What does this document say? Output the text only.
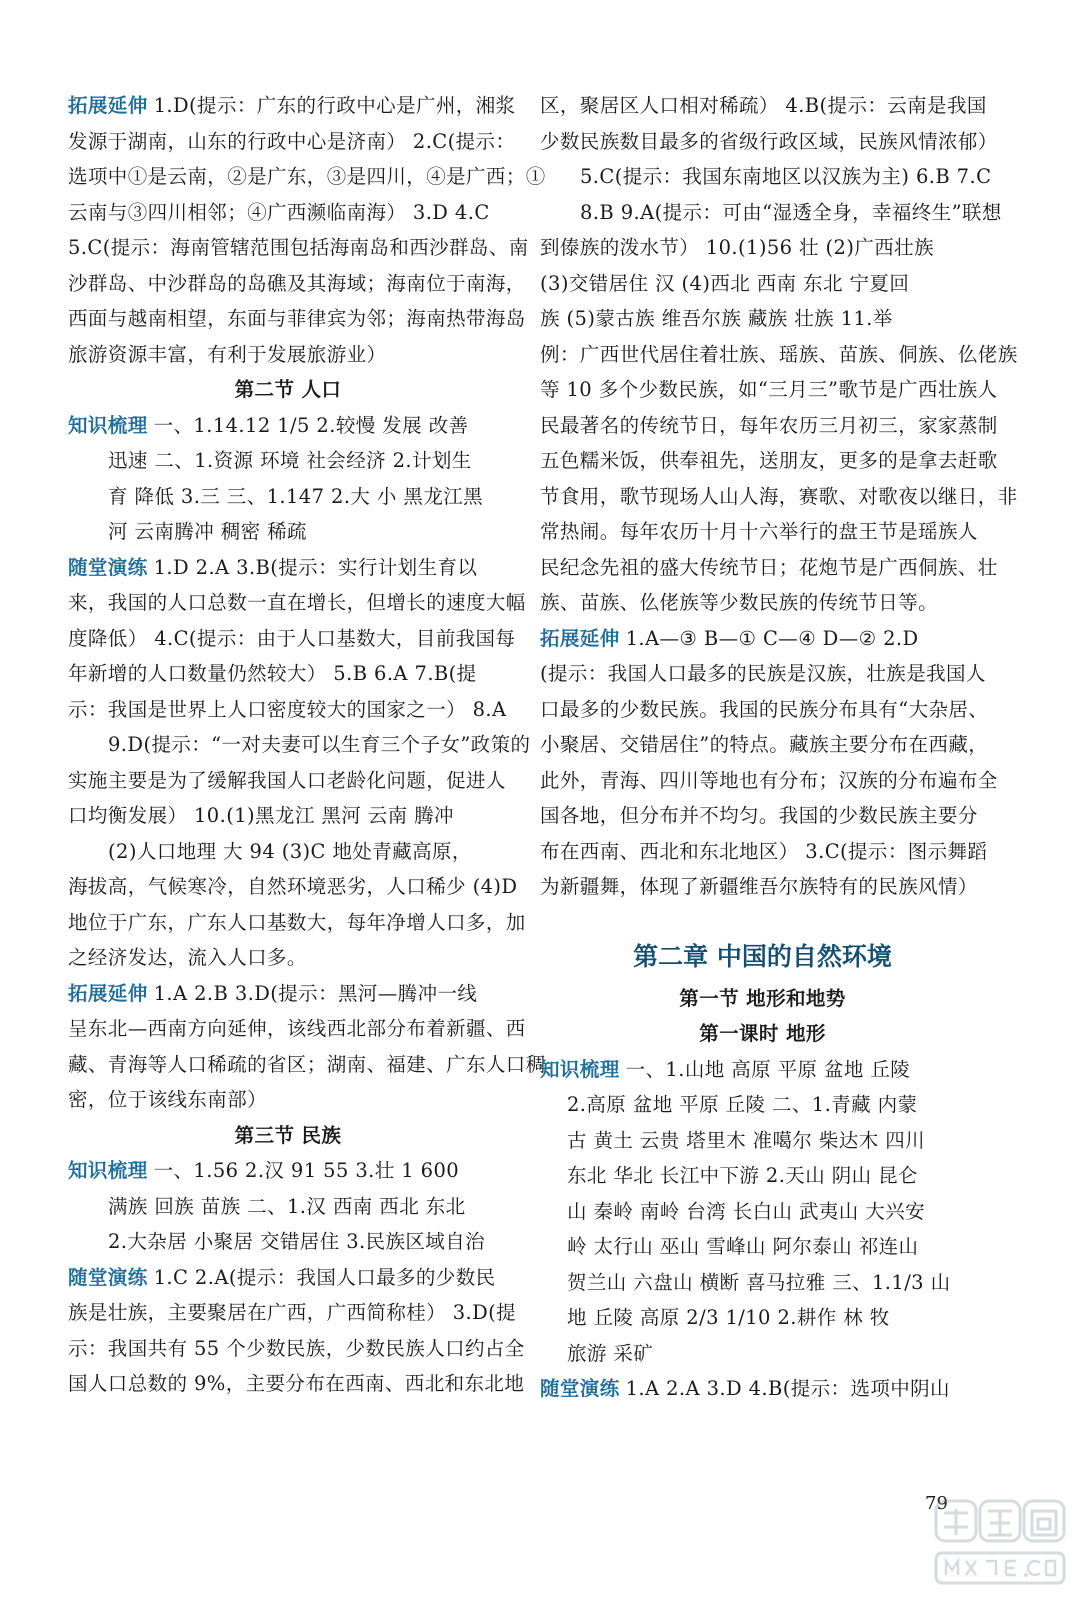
拓展延伸 1.D(提示：广东的行政中心是广州，湘浆
发源于湖南，山东的行政中心是济南） 2.C(提示：
选项中①是云南，②是广东，③是四川，④是广西；①
云南与③四川相邻；④广西濒临南海） 3.D 4.C
5.C(提示：海南管辖范围包括海南岛和西沙群岛、南
沙群岛、中沙群岛的岛礁及其海域；海南位于南海，
西面与越南相望，东面与菲律宾为邻；海南热带海岛
旅游资源丰富，有利于发展旅游业）
第二节 人口
知识梳理 一、1.14.12 1/5 2.较慢 发展 改善
迅速 二、1.资源 环境 社会经济 2.计划生
育 降低 3.三 三、1.147 2.大 小 黑龙江黑
河 云南腾冲 稠密 稀疏
随堂演练 1.D 2.A 3.B(提示：实行计划生育以
来，我国的人口总数一直在增长，但增长的速度大幅
度降低） 4.C(提示：由于人口基数大，目前我国每
年新增的人口数量仍然较大） 5.B 6.A 7.B(提
示：我国是世界上人口密度较大的国家之一） 8.A
9.D(提示：“一对夫妻可以生育三个子女”政策的
实施主要是为了缓解我国人口老龄化问题，促进人
口均衡发展） 10.(1)黑龙江 黑河 云南 腾冲
(2)人口地理 大 94 (3)C 地处青藏高原，
海拔高，气候寒冷，自然环境恶劣，人口稀少 (4)D
地位于广东，广东人口基数大，每年净增人口多，加
之经济发达，流入人口多。
拓展延伸 1.A 2.B 3.D(提示：黑河—腾冲一线
呈东北—西南方向延伸，该线西北部分布着新疆、西
藏、青海等人口稀疏的省区；湖南、福建、广东人口稠
密，位于该线东南部）
第三节 民族
知识梳理 一、1.56 2.汉 91 55 3.壮 1 600
满族 回族 苗族 二、1.汉 西南 西北 东北
2.大杂居 小聚居 交错居住 3.民族区域自治
随堂演练 1.C 2.A(提示：我国人口最多的少数民
族是壮族，主要聚居在广西，广西简称桂） 3.D(提
示：我国共有 55 个少数民族，少数民族人口约占全
国人口总数的 9%，主要分布在西南、西北和东北地
区，聚居区人口相对稀疏） 4.B(提示：云南是我国
少数民族数目最多的省级行政区域，民族风情浓郁）
5.C(提示：我国东南地区以汉族为主) 6.B 7.C
8.B 9.A(提示：可由“湿透全身，幸福终生”联想
到傣族的泼水节） 10.(1)56 壮 (2)广西壮族
(3)交错居住 汉 (4)西北 西南 东北 宁夏回
族 (5)蒙古族 维吾尔族 藏族 壮族 11.举
例：广西世代居住着壮族、瑶族、苗族、侗族、仫佬族
等 10 多个少数民族，如“三月三”歌节是广西壮族人
民最著名的传统节日，每年农历三月初三，家家蒸制
五色糯米饭，供奉祖先，送朋友，更多的是拿去赶歌
节食用，歌节现场人山人海，赛歌、对歌夜以继日，非
常热闹。每年农历十月十六举行的盘王节是瑶族人
民纪念先祖的盛大传统节日；花炮节是广西侗族、壮
族、苗族、仫佬族等少数民族的传统节日等。
拓展延伸 1.A—③ B—① C—④ D—② 2.D
(提示：我国人口最多的民族是汉族，壮族是我国人
口最多的少数民族。我国的民族分布具有“大杂居、
小聚居、交错居住”的特点。藏族主要分布在西藏，
此外，青海、四川等地也有分布；汉族的分布遍布全
国各地，但分布并不均匀。我国的少数民族主要分
布在西南、西北和东北地区） 3.C(提示：图示舞蹈
为新疆舞，体现了新疆维吾尔族特有的民族风情）
第二章 中国的自然环境
第一节 地形和地势
第一课时 地形
知识梳理 一、1.山地 高原 平原 盆地 丘陵
2.高原 盆地 平原 丘陵 二、1.青藏 内蒙
古 黄土 云贵 塔里木 准噶尔 柴达木 四川
东北 华北 长江中下游 2.天山 阴山 昆仑
山 秦岭 南岭 台湾 长白山 武夷山 大兴安
岭 太行山 巫山 雪峰山 阿尔泰山 祁连山
贺兰山 六盘山 横断 喜马拉雅 三、1.1/3 山
地 丘陵 高原 2/3 1/10 2.耕作 林 牧
旅游 采矿
随堂演练 1.A 2.A 3.D 4.B(提示：选项中阴山
79
